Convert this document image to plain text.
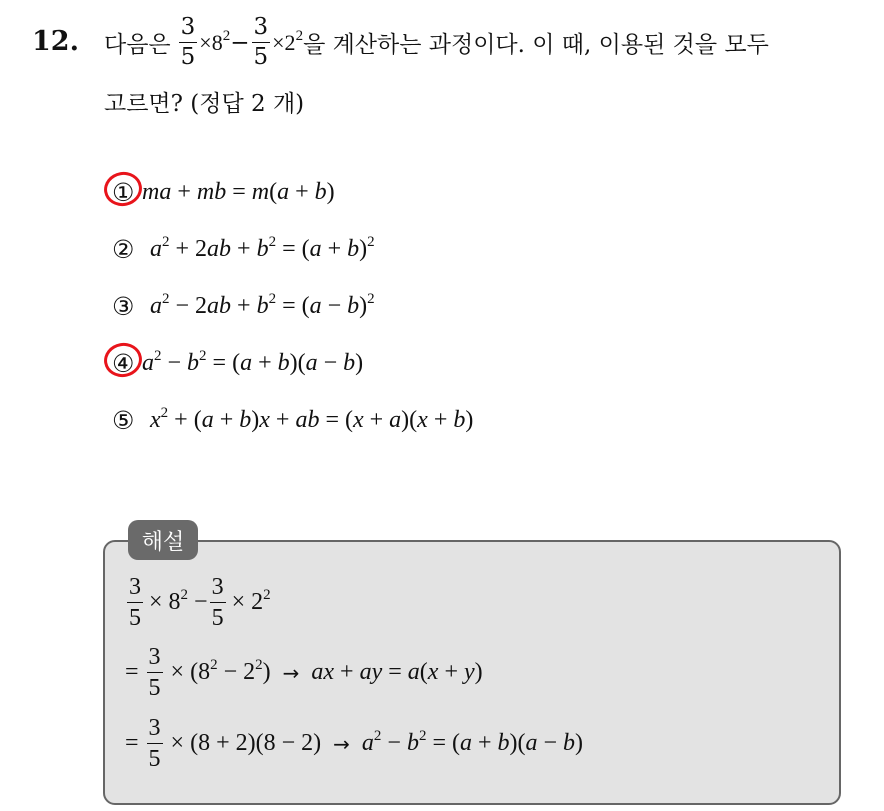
12. 다음은 $\frac{3}{5} \times 8^2 - \frac{3}{5} \times 2^2$ 을 계산하는 과정이다. 이 때, 이용된 것을 모두
고르면? (정답 2 개)
① ma + mb = m(a + b)
② $a^2 + 2ab + b^2 = (a + b)^2$
③ $a^2 - 2ab + b^2 = (a - b)^2$
④ $a^2 - b^2 = (a + b)(a - b)$
⑤ $x^2 + (a + b)x$ + ab = (x + a)(x + b)
해설
$\frac{3}{5} \times 8^2 - \frac{3}{5} \times 2^2$
= $\frac{3}{5} \times (8^2 - 2^2)$ → ax + ay = a(x + y)
= $\frac{3}{5} \times (8 + 2)(8 - 2) \to a^2 - b^2 = (a + b)(a - b)$
